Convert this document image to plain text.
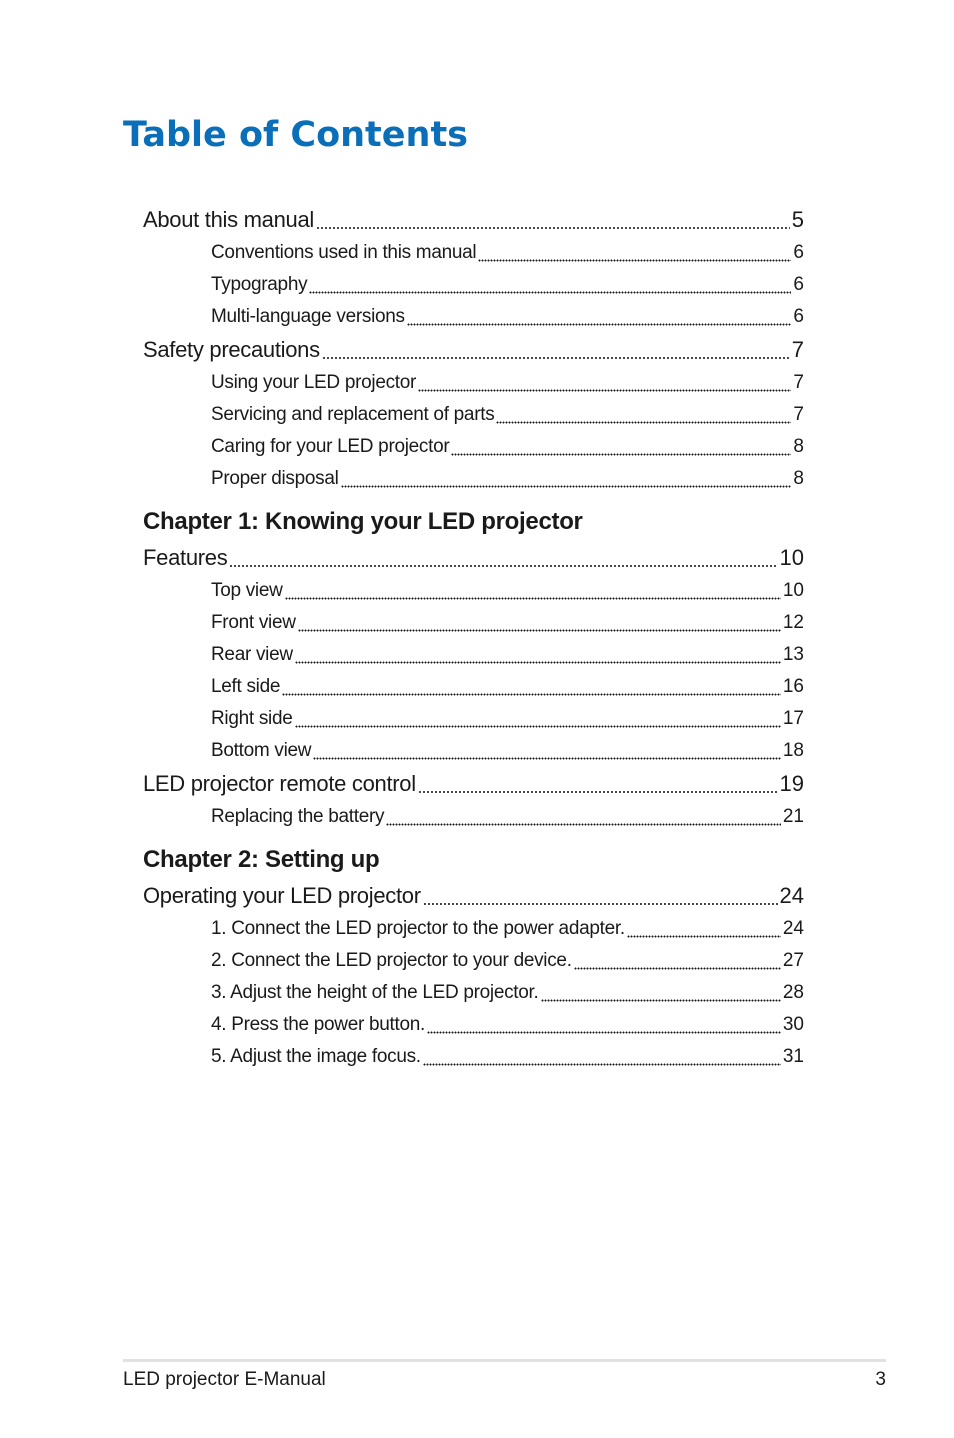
Table of Contents
About this manual	5
Conventions used in this manual	6
Typography	6
Multi-language versions	6
Safety precautions	7
Using your LED projector	7
Servicing and replacement of parts	7
Caring for your LED projector	8
Proper disposal	8
Chapter 1: Knowing your LED projector
Features	10
Top view	10
Front view	12
Rear view	13
Left side	16
Right side	17
Bottom view	18
LED projector remote control	19
Replacing the battery	21
Chapter 2: Setting up
Operating your LED projector	24
1. Connect the LED projector to the power adapter.	24
2. Connect the LED projector to your device.	27
3. Adjust the height of the LED projector.	28
4. Press the power button.	30
5. Adjust the image focus.	31
LED projector E-Manual	3
